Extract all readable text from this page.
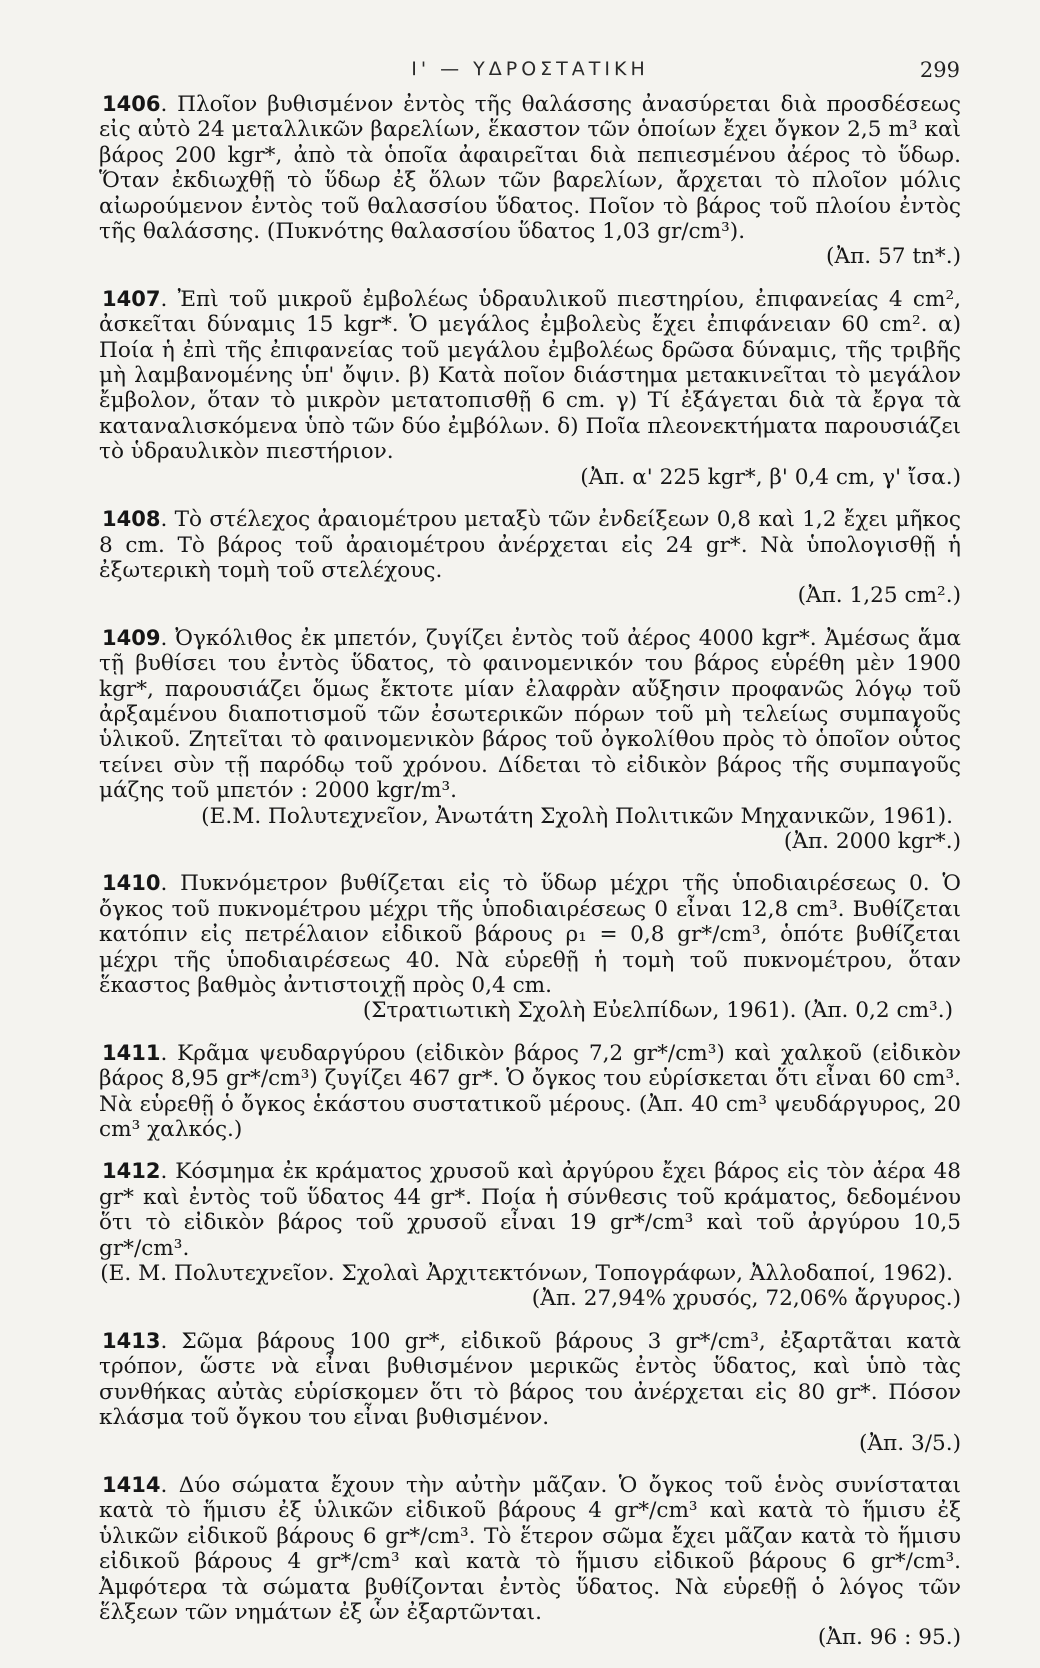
Ι' — ΥΔΡΟΣΤΑΤΙΚΗ	299
1406. Πλοῖον βυθισμένον ἐντὸς τῆς θαλάσσης ἀνασύρεται διὰ προσδέσεως εἰς αὐτὸ 24 μεταλλικῶν βαρελίων, ἕκαστον τῶν ὁποίων ἔχει ὄγκον 2,5 m³ καὶ βάρος 200 kgr*, ἀπὸ τὰ ὁποῖα ἀφαιρεῖται διὰ πεπιεσμένου ἀέρος τὸ ὕδωρ. Ὅταν ἐκδιωχθῇ τὸ ὕδωρ ἐξ ὅλων τῶν βαρελίων, ἄρχεται τὸ πλοῖον μόλις αἰωρούμενον ἐντὸς τοῦ θαλασσίου ὕδατος. Ποῖον τὸ βάρος τοῦ πλοίου ἐντὸς τῆς θαλάσσης. (Πυκνότης θαλασσίου ὕδατος 1,03 gr/cm³).
(Ἀπ. 57 tn*.)
1407. Ἐπὶ τοῦ μικροῦ ἐμβολέως ὑδραυλικοῦ πιεστηρίου, ἐπιφανείας 4 cm², ἀσκεῖται δύναμις 15 kgr*. Ὁ μεγάλος ἐμβολεὺς ἔχει ἐπιφάνειαν 60 cm². α) Ποία ἡ ἐπὶ τῆς ἐπιφανείας τοῦ μεγάλου ἐμβολέως δρῶσα δύναμις, τῆς τριβῆς μὴ λαμβανομένης ὑπ' ὄψιν. β) Κατὰ ποῖον διάστημα μετακινεῖται τὸ μεγάλον ἔμβολον, ὅταν τὸ μικρὸν μετατοπισθῇ 6 cm. γ) Τί ἐξάγεται διὰ τὰ ἔργα τὰ καταναλισκόμενα ὑπὸ τῶν δύο ἐμβόλων. δ) Ποῖα πλεονεκτήματα παρουσιάζει τὸ ὑδραυλικὸν πιεστήριον.
(Ἀπ. α' 225 kgr*, β' 0,4 cm, γ' ἴσα.)
1408. Τὸ στέλεχος ἀραιομέτρου μεταξὺ τῶν ἐνδείξεων 0,8 καὶ 1,2 ἔχει μῆκος 8 cm. Τὸ βάρος τοῦ ἀραιομέτρου ἀνέρχεται εἰς 24 gr*. Νὰ ὑπολογισθῇ ἡ ἐξωτερικὴ τομὴ τοῦ στελέχους.
(Ἀπ. 1,25 cm².)
1409. Ὀγκόλιθος ἐκ μπετόν, ζυγίζει ἐντὸς τοῦ ἀέρος 4000 kgr*. Ἀμέσως ἅμα τῇ βυθίσει του ἐντὸς ὕδατος, τὸ φαινομενικόν του βάρος εὑρέθη μὲν 1900 kgr*, παρουσιάζει ὅμως ἔκτοτε μίαν ἐλαφρὰν αὔξησιν προφανῶς λόγῳ τοῦ ἀρξαμένου διαποτισμοῦ τῶν ἐσωτερικῶν πόρων τοῦ μὴ τελείως συμπαγοῦς ὑλικοῦ. Ζητεῖται τὸ φαινομενικὸν βάρος τοῦ ὀγκολίθου πρὸς τὸ ὁποῖον οὗτος τείνει σὺν τῇ παρόδῳ τοῦ χρόνου. Δίδεται τὸ εἰδικὸν βάρος τῆς συμπαγοῦς μάζης τοῦ μπετόν : 2000 kgr/m³.
(Ε.Μ. Πολυτεχνεῖον, Ἀνωτάτη Σχολὴ Πολιτικῶν Μηχανικῶν, 1961).
(Ἀπ. 2000 kgr*.)
1410. Πυκνόμετρον βυθίζεται εἰς τὸ ὕδωρ μέχρι τῆς ὑποδιαιρέσεως 0. Ὁ ὄγκος τοῦ πυκνομέτρου μέχρι τῆς ὑποδιαιρέσεως 0 εἶναι 12,8 cm³. Βυθίζεται κατόπιν εἰς πετρέλαιον εἰδικοῦ βάρους ρ₁ = 0,8 gr*/cm³, ὁπότε βυθίζεται μέχρι τῆς ὑποδιαιρέσεως 40. Νὰ εὑρεθῇ ἡ τομὴ τοῦ πυκνομέτρου, ὅταν ἕκαστος βαθμὸς ἀντιστοιχῇ πρὸς 0,4 cm.
(Στρατιωτικὴ Σχολὴ Εὐελπίδων, 1961). (Ἀπ. 0,2 cm³.)
1411. Κρᾶμα ψευδαργύρου (εἰδικὸν βάρος 7,2 gr*/cm³) καὶ χαλκοῦ (εἰδικὸν βάρος 8,95 gr*/cm³) ζυγίζει 467 gr*. Ὁ ὄγκος του εὑρίσκεται ὅτι εἶναι 60 cm³. Νὰ εὑρεθῇ ὁ ὄγκος ἑκάστου συστατικοῦ μέρους. (Ἀπ. 40 cm³ ψευδάργυρος, 20 cm³ χαλκός.)
1412. Κόσμημα ἐκ κράματος χρυσοῦ καὶ ἀργύρου ἔχει βάρος εἰς τὸν ἀέρα 48 gr* καὶ ἐντὸς τοῦ ὕδατος 44 gr*. Ποία ἡ σύνθεσις τοῦ κράματος, δεδομένου ὅτι τὸ εἰδικὸν βάρος τοῦ χρυσοῦ εἶναι 19 gr*/cm³ καὶ τοῦ ἀργύρου 10,5 gr*/cm³.
(Ε. Μ. Πολυτεχνεῖον. Σχολαὶ Ἀρχιτεκτόνων, Τοπογράφων, Ἀλλοδαποί, 1962).
(Ἀπ. 27,94% χρυσός, 72,06% ἄργυρος.)
1413. Σῶμα βάρους 100 gr*, εἰδικοῦ βάρους 3 gr*/cm³, ἐξαρτᾶται κατὰ τρόπον, ὥστε νὰ εἶναι βυθισμένον μερικῶς ἐντὸς ὕδατος, καὶ ὑπὸ τὰς συνθήκας αὐτὰς εὑρίσκομεν ὅτι τὸ βάρος του ἀνέρχεται εἰς 80 gr*. Πόσον κλάσμα τοῦ ὄγκου του εἶναι βυθισμένον.
(Ἀπ. 3/5.)
1414. Δύο σώματα ἔχουν τὴν αὐτὴν μᾶζαν. Ὁ ὄγκος τοῦ ἑνὸς συνίσταται κατὰ τὸ ἥμισυ ἐξ ὑλικῶν εἰδικοῦ βάρους 4 gr*/cm³ καὶ κατὰ τὸ ἥμισυ ἐξ ὑλικῶν εἰδικοῦ βάρους 6 gr*/cm³. Τὸ ἕτερον σῶμα ἔχει μᾶζαν κατὰ τὸ ἥμισυ εἰδικοῦ βάρους 4 gr*/cm³ καὶ κατὰ τὸ ἥμισυ εἰδικοῦ βάρους 6 gr*/cm³. Ἀμφότερα τὰ σώματα βυθίζονται ἐντὸς ὕδατος. Νὰ εὑρεθῇ ὁ λόγος τῶν ἕλξεων τῶν νημάτων ἐξ ὧν ἐξαρτῶνται.
(Ἀπ. 96 : 95.)
